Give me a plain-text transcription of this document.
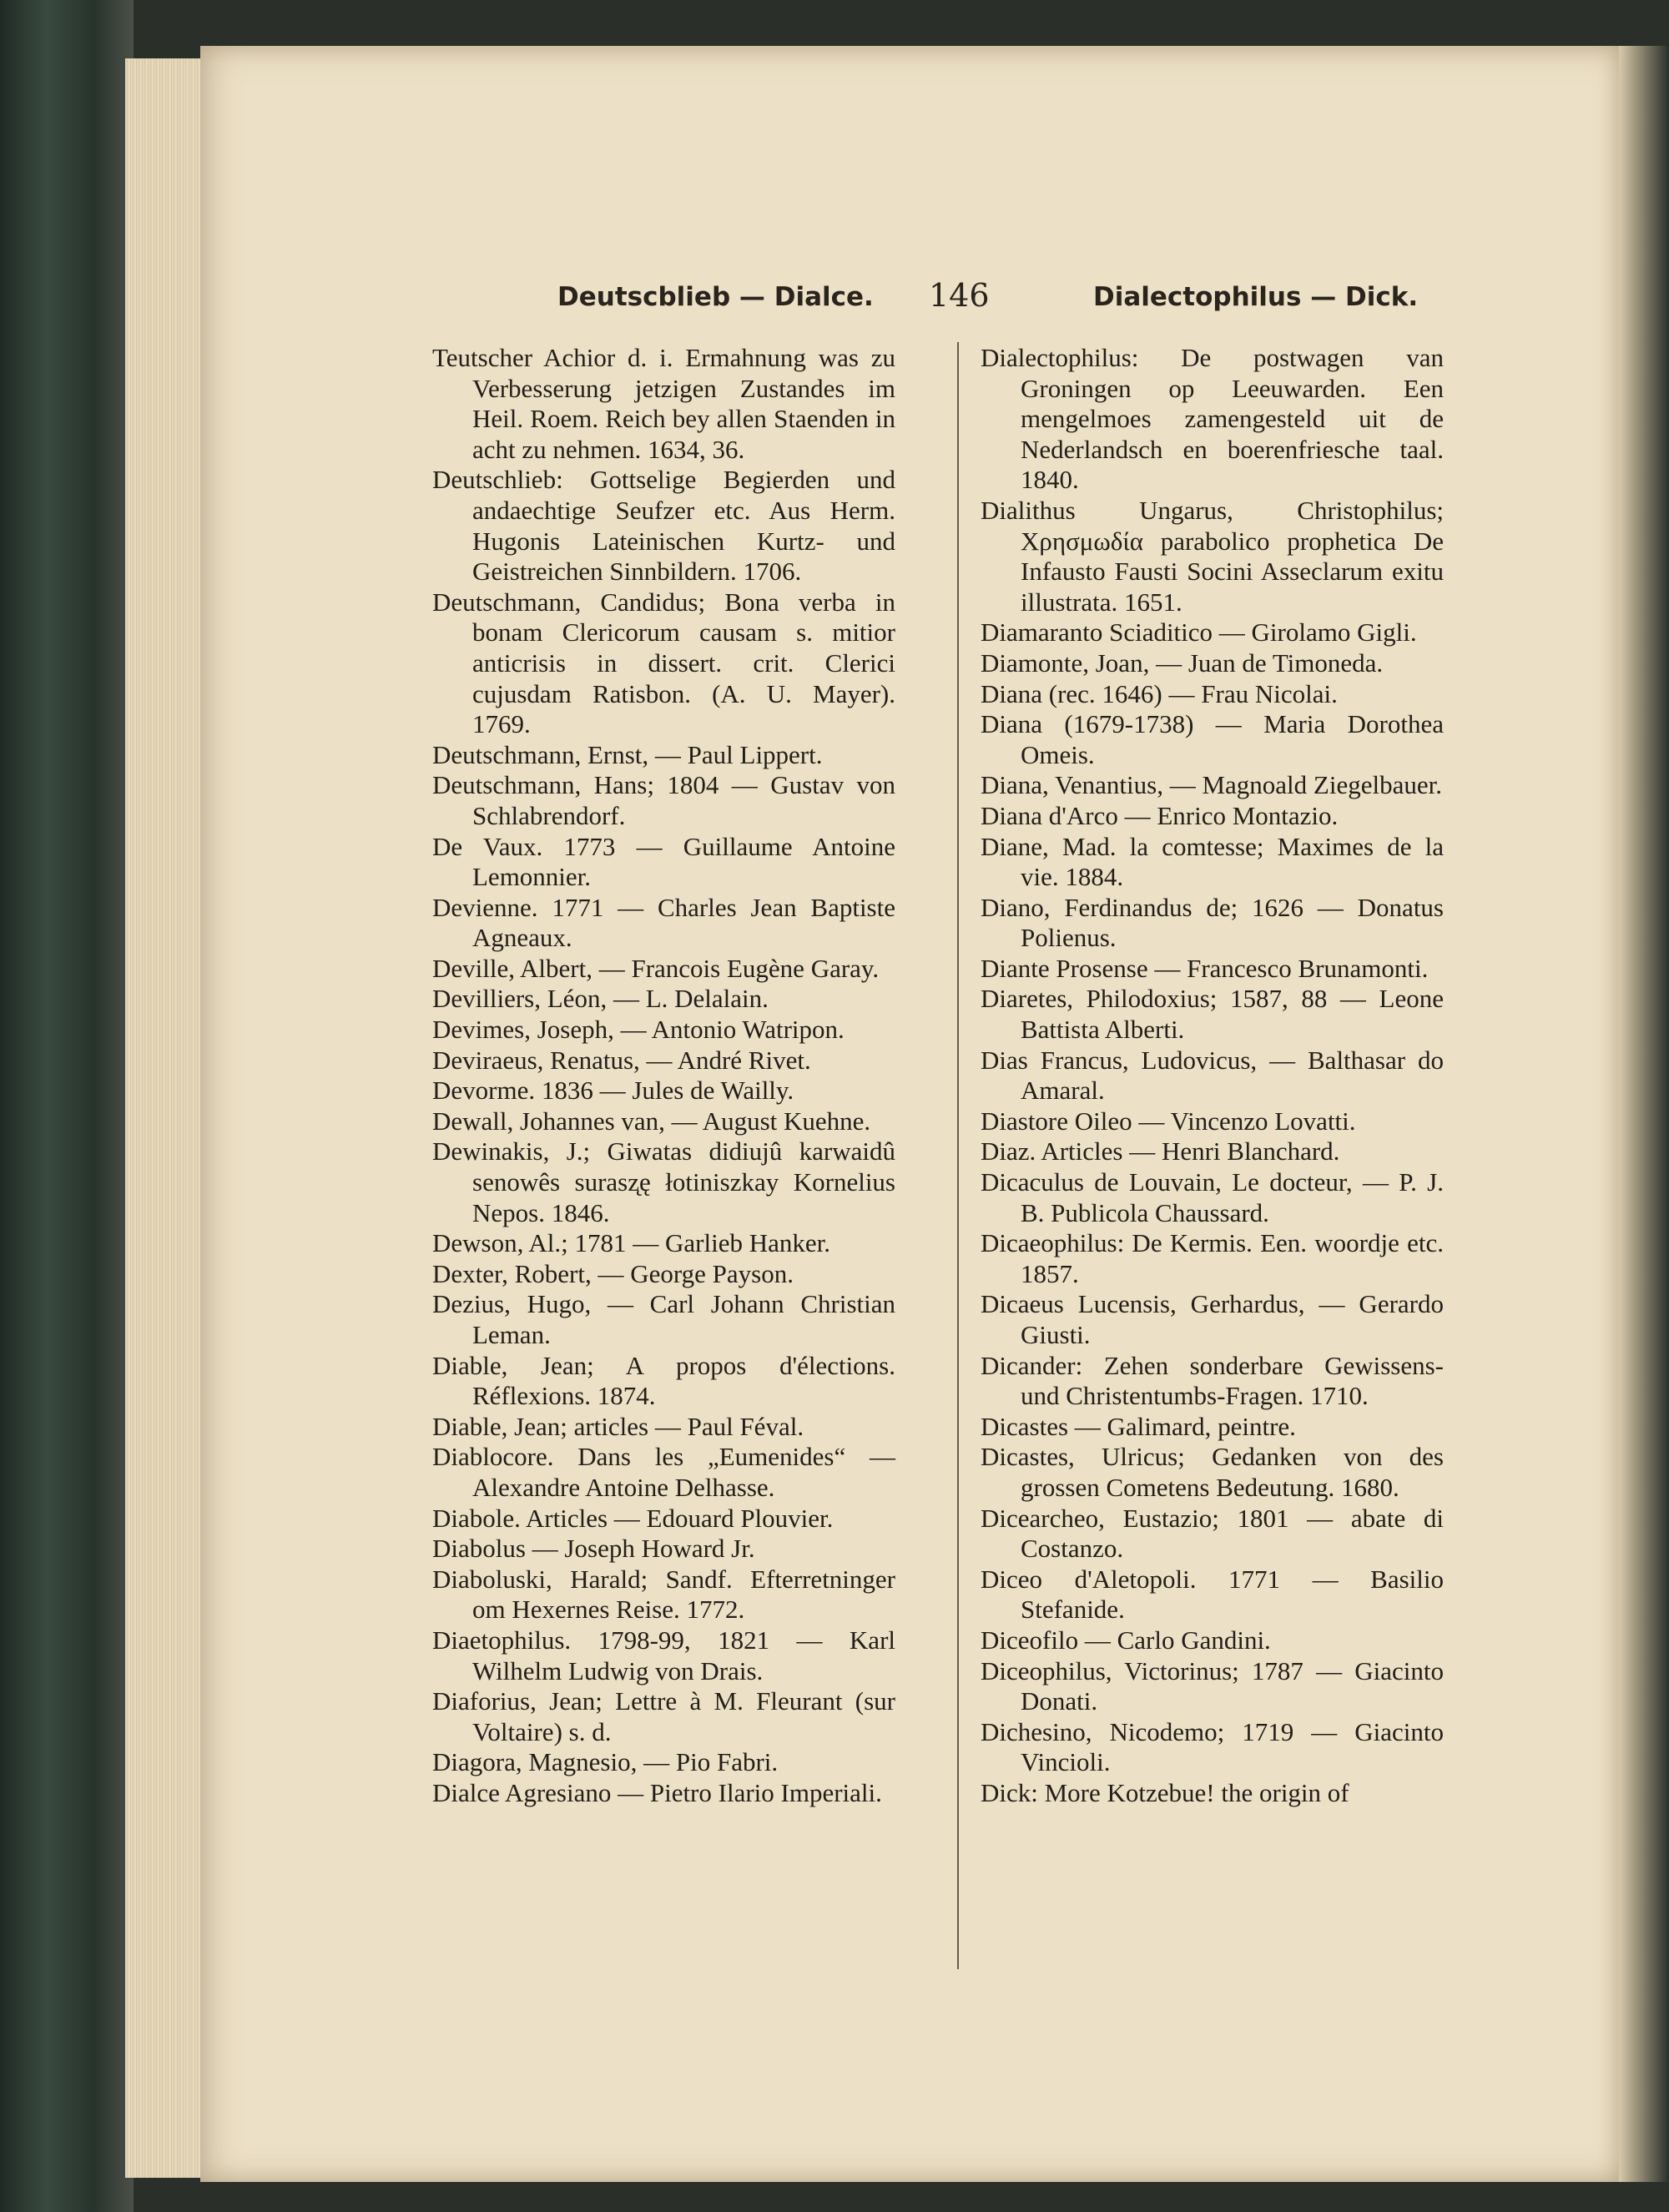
Deutscblieb — Dialce. 146	Dialectophilus — Dick.

Teutscher Achior d. i. Ermahnung was zu Verbesserung jetzigen Zustandes im Heil. Roem. Reich bey allen Staenden in acht zu nehmen. 1634, 36.

Deutschlieb: Gottselige Begierden und andaechtige Seufzer etc. Aus Herm. Hugonis Lateinischen Kurtz- und Geistreichen Sinnbildern. 1706.

Deutschmann, Candidus; Bona verba in bonam Clericorum causam s. mitior anticrisis in dissert. crit. Clerici cujusdam Ratisbon. (A. U. Mayer). 1769.

Deutschmann, Ernst, — Paul Lippert.

Deutschmann, Hans; 1804 — Gustav von Schlabrendorf.

De Vaux. 1773 — Guillaume Antoine Lemonnier.

Devienne. 1771 — Charles Jean Baptiste Agneaux.

Deville, Albert, — Francois Eugène Garay.

Devilliers, Léon, — L. Delalain.

Devimes, Joseph, — Antonio Watripon.

Deviraeus, Renatus, — André Rivet.

Devorme. 1836 — Jules de Wailly.

Dewall, Johannes van, — August Kuehne.

Dewinakis, J.; Giwatas didiujû karwaidû senowês surasz̨ę łotiniszkay Kornelius Nepos. 1846.

Dewson, Al.; 1781 — Garlieb Hanker.

Dexter, Robert, — George Payson.

Dezius, Hugo, — Carl Johann Christian Leman.

Diable, Jean; A propos d'élections. Réflexions. 1874.

Diable, Jean; articles — Paul Féval.

Diablocore. Dans les „Eumenides“ — Alexandre Antoine Delhasse.

Diabole. Articles — Edouard Plouvier.

Diabolus — Joseph Howard Jr.

Diaboluski, Harald; Sandf. Efterretninger om Hexernes Reise. 1772.

Diaetophilus. 1798-99, 1821 — Karl Wilhelm Ludwig von Drais.

Diaforius, Jean; Lettre à M. Fleurant (sur Voltaire) s. d.

Diagora, Magnesio, — Pio Fabri.

Dialce Agresiano — Pietro Ilario Imperiali.

Dialectophilus: De postwagen van Groningen op Leeuwarden. Een mengelmoes zamengesteld uit de Nederlandsch en boerenfriesche taal. 1840.

Dialithus Ungarus, Christophilus; Χρησμωδία parabolico prophetica De Infausto Fausti Socini Asseclarum exitu illustrata. 1651.

Diamaranto Sciaditico — Girolamo Gigli.

Diamonte, Joan, — Juan de Timoneda.

Diana (rec. 1646) — Frau Nicolai.

Diana (1679-1738) — Maria Dorothea Omeis.

Diana, Venantius, — Magnoald Ziegelbauer.

Diana d'Arco — Enrico Montazio.

Diane, Mad. la comtesse; Maximes de la vie. 1884.

Diano, Ferdinandus de; 1626 — Donatus Polienus.

Diante Prosense — Francesco Brunamonti.

Diaretes, Philodoxius; 1587, 88 — Leone Battista Alberti.

Dias Francus, Ludovicus, — Balthasar do Amaral.

Diastore Oileo — Vincenzo Lovatti.

Diaz. Articles — Henri Blanchard.

Dicaculus de Louvain, Le docteur, — P. J. B. Publicola Chaussard.

Dicaeophilus: De Kermis. Een. woordje etc. 1857.

Dicaeus Lucensis, Gerhardus, — Gerardo Giusti.

Dicander: Zehen sonderbare Gewissens- und Christentumbs-Fragen. 1710.

Dicastes — Galimard, peintre.

Dicastes, Ulricus; Gedanken von des grossen Cometens Bedeutung. 1680.

Dicearcheo, Eustazio; 1801 — abate di Costanzo.

Diceo d'Aletopoli. 1771 — Basilio Stefanide.

Diceofilo — Carlo Gandini.

Diceophilus, Victorinus; 1787 — Giacinto Donati.

Dichesino, Nicodemo; 1719 — Giacinto Vincioli.

Dick: More Kotzebue! the origin of
